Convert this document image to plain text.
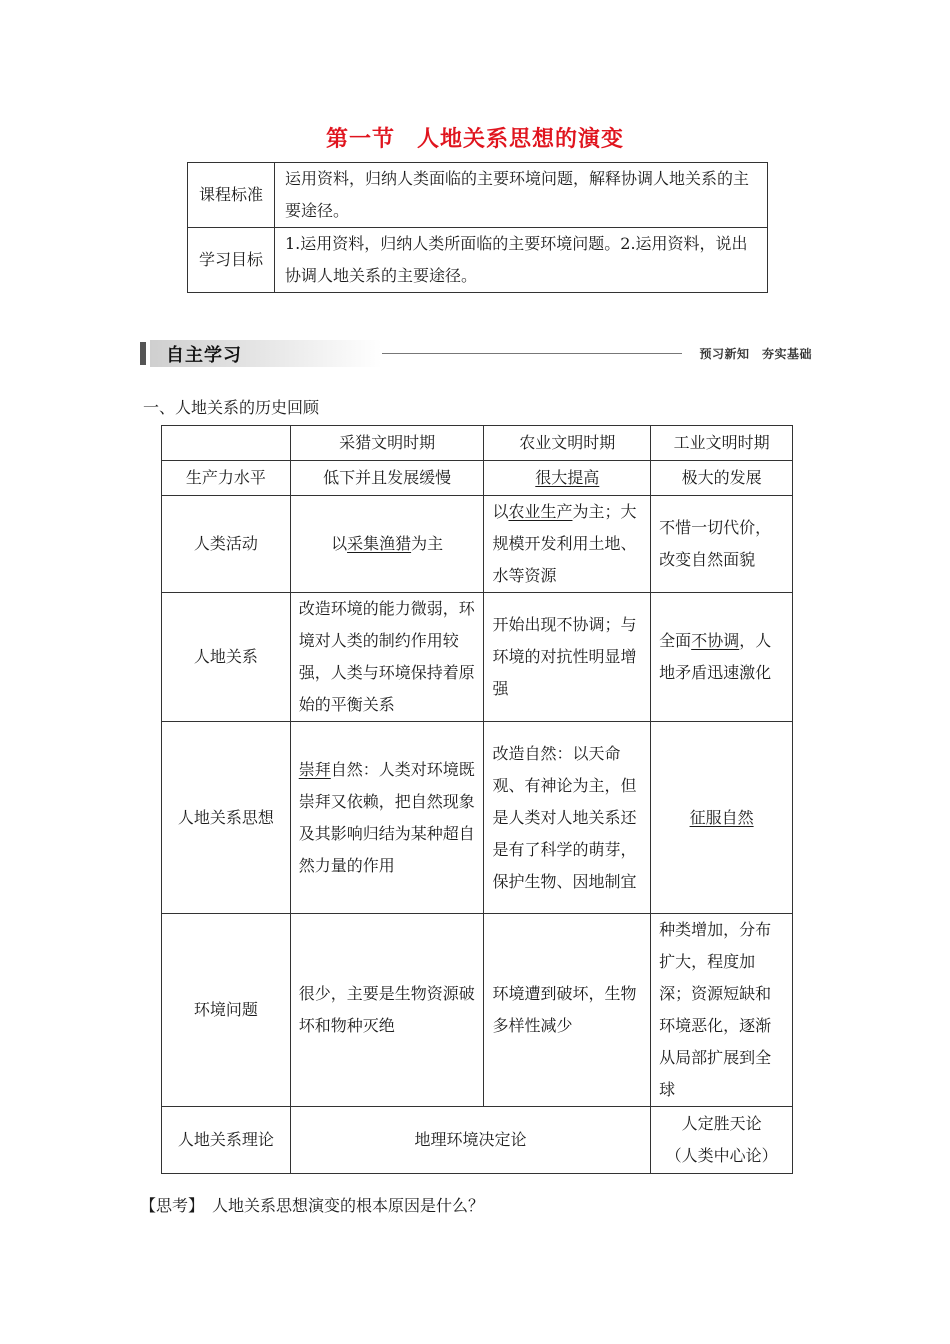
第一节 人地关系思想的演变
课程标准	运用资料，归纳人类面临的主要环境问题，解释协调人地关系的主要途径。
学习目标	1.运用资料，归纳人类所面临的主要环境问题。2.运用资料，说出协调人地关系的主要途径。
自主学习	预习新知　夯实基础
一、人地关系的历史回顾
	采猎文明时期	农业文明时期	工业文明时期
生产力水平	低下并且发展缓慢	很大提高	极大的发展
人类活动	以采集渔猎为主	以农业生产为主；大规模开发利用土地、水等资源	不惜一切代价，改变自然面貌
人地关系	改造环境的能力微弱，环境对人类的制约作用较强，人类与环境保持着原始的平衡关系	开始出现不协调；与环境的对抗性明显增强	全面不协调，人地矛盾迅速激化
人地关系思想	崇拜自然：人类对环境既崇拜又依赖，把自然现象及其影响归结为某种超自然力量的作用	改造自然：以天命观、有神论为主，但是人类对人地关系还是有了科学的萌芽，保护生物、因地制宜	征服自然
环境问题	很少，主要是生物资源破坏和物种灭绝	环境遭到破坏，生物多样性减少	种类增加，分布扩大，程度加深；资源短缺和环境恶化，逐渐从局部扩展到全球
人地关系理论	地理环境决定论		人定胜天论
（人类中心论）
【思考】 人地关系思想演变的根本原因是什么？
